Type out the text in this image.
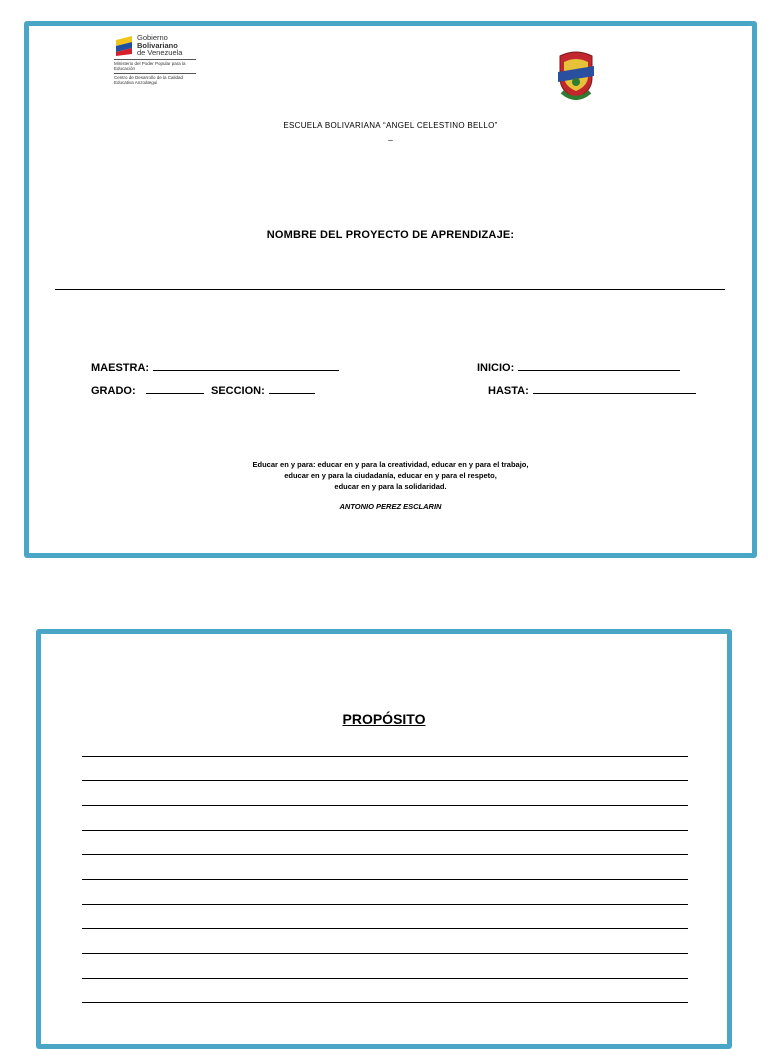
Gobierno
Bolivariano
de Venezuela
Ministerio del Poder Popular para la Educación
Centro de Desarrollo de la Calidad Educativa Anzoátegui
ESCUELA BOLIVARIANA “ANGEL CELESTINO BELLO”
_
NOMBRE DEL PROYECTO DE APRENDIZAJE:
MAESTRA:	INICIO:
GRADO:	SECCION:	HASTA:
Educar en y para: educar en y para la creatividad, educar en y para el trabajo,
educar en y para la ciudadanía, educar en y para el respeto,
educar en y para la solidaridad.
ANTONIO PEREZ ESCLARIN
PROPÓSITO
